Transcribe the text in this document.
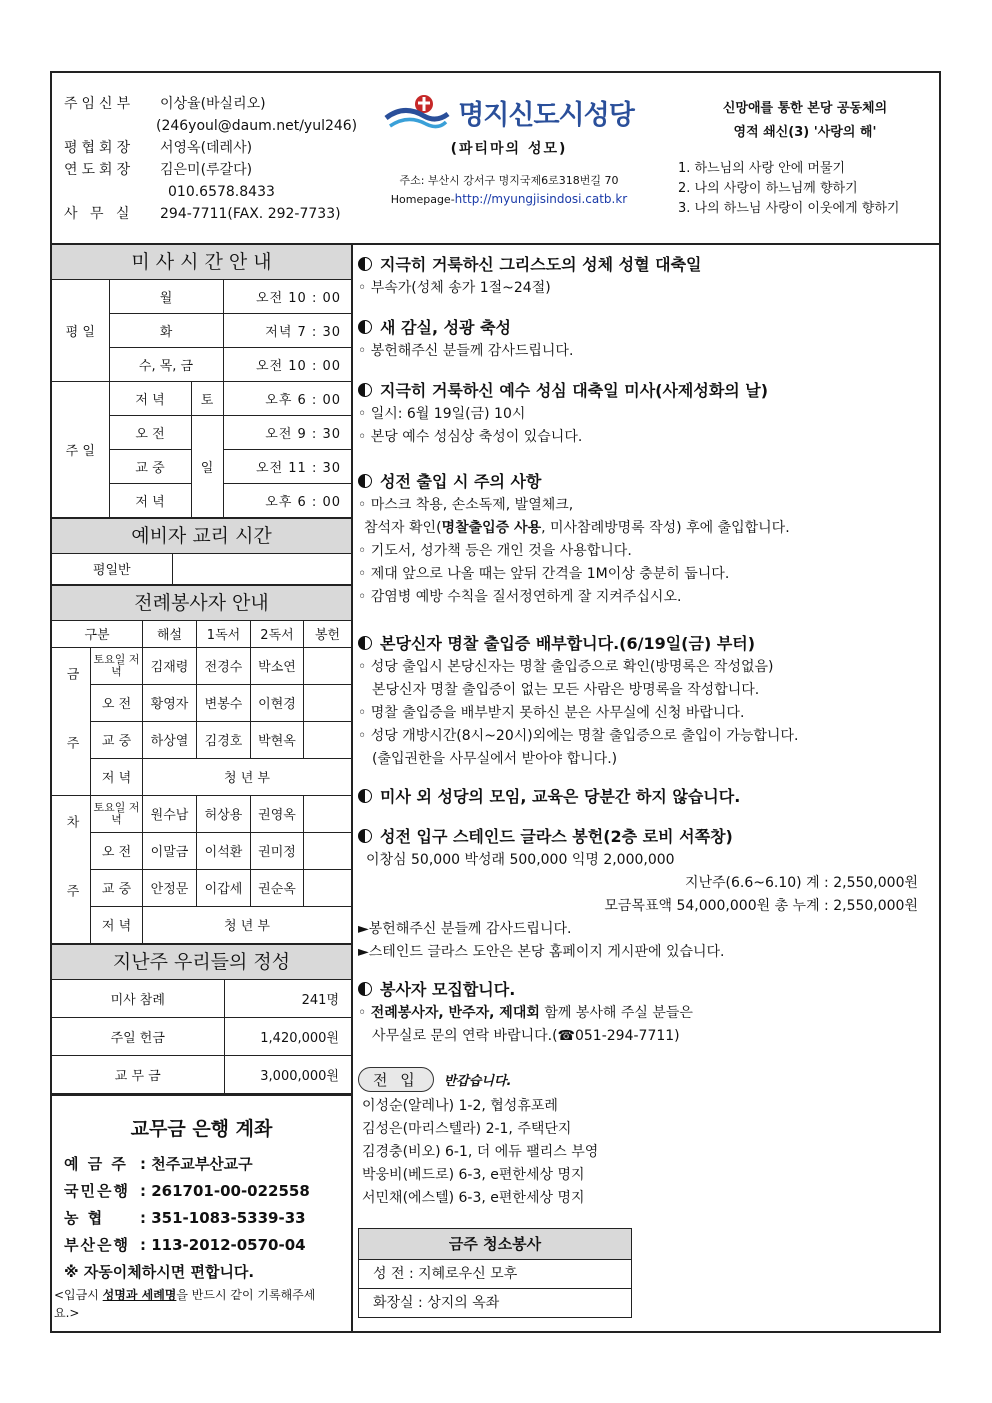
주임신부 이상율(바실리오)
(246youl@daum.net/yul246)
평협회장 서영옥(데레사)
연도회장 김은미(루갈다)
010.6578.8433
사 무 실 294-7711(FAX. 292-7733)
명지신도시성당
(파티마의 성모)
주소: 부산시 강서구 명지국제6로318번길 70
Homepage-http://myungjisindosi.catb.kr
신망애를 통한 본당 공동체의
영적 쇄신(3) '사랑의 해'
1. 하느님의 사랑 안에 머물기
2. 나의 사랑이 하느님께 향하기
3. 나의 하느님 사랑이 이웃에게 향하기
미 사 시 간 안 내
평 일	월		오전 10 : 00
	화		저녁 7 : 30
	수, 목, 금		오전 10 : 00
주 일	저 녁	토	오후 6 : 00
	오 전	일	오전 9 : 30
	교 중		오전 11 : 30
	저 녁		오후 6 : 00
예비자 교리 시간
평일반	
전례봉사자 안내
구분		해설	1독서	2독서	봉헌
금 주	토요일 저 녁	김재령	전경수	박소연	
	오 전	황영자	변봉수	이현경	
	교 중	하상열	김경호	박현옥	
	저 녁	청 년 부			
차 주	토요일 저 녁	원수남	허상용	권영옥	
	오 전	이말금	이석환	권미정	
	교 중	안정문	이갑세	권순옥	
	저 녁	청 년 부			
지난주 우리들의 정성
미사 참례	241명
주일 헌금	1,420,000원
교 무 금	3,000,000원
교무금 은행 계좌
예 금 주 : 천주교부산교구
국민은행 : 261701-00-022558
농 협 : 351-1083-5339-33
부산은행 : 113-2012-0570-04
※ 자동이체하시면 편합니다.
<입금시 성명과 세례명을 반드시 같이 기록해주세요.>
지극히 거룩하신 그리스도의 성체 성혈 대축일
◦ 부속가(성체 송가 1절~24절)
새 감실, 성광 축성
◦ 봉헌해주신 분들께 감사드립니다.
지극히 거룩하신 예수 성심 대축일 미사(사제성화의 날)
◦ 일시: 6월 19일(금) 10시
◦ 본당 예수 성심상 축성이 있습니다.
성전 출입 시 주의 사항
◦ 마스크 착용, 손소독제, 발열체크,
참석자 확인(명찰출입증 사용, 미사참례방명록 작성) 후에 출입합니다.
◦ 기도서, 성가책 등은 개인 것을 사용합니다.
◦ 제대 앞으로 나올 때는 앞뒤 간격을 1M이상 충분히 둡니다.
◦ 감염병 예방 수칙을 질서정연하게 잘 지켜주십시오.
본당신자 명찰 출입증 배부합니다.(6/19일(금) 부터)
◦ 성당 출입시 본당신자는 명찰 출입증으로 확인(방명록은 작성없음)
본당신자 명찰 출입증이 없는 모든 사람은 방명록을 작성합니다.
◦ 명찰 출입증을 배부받지 못하신 분은 사무실에 신청 바랍니다.
◦ 성당 개방시간(8시~20시)외에는 명찰 출입증으로 출입이 가능합니다.
(출입권한을 사무실에서 받아야 합니다.)
미사 외 성당의 모임, 교육은 당분간 하지 않습니다.
성전 입구 스테인드 글라스 봉헌(2층 로비 서쪽창)
이창심 50,000 박성래 500,000 익명 2,000,000
지난주(6.6~6.10) 계 : 2,550,000원
모금목표액 54,000,000원 총 누계 : 2,550,000원
►봉헌해주신 분들께 감사드립니다.
►스테인드 글라스 도안은 본당 홈페이지 게시판에 있습니다.
봉사자 모집합니다.
◦ 전례봉사자, 반주자, 제대회 함께 봉사해 주실 분들은
사무실로 문의 연락 바랍니다.(☎051-294-7711)
전 입	반갑습니다.
이성순(알레나) 1-2, 협성휴포레
김성은(마리스텔라) 2-1, 주택단지
김경충(비오) 6-1, 더 에듀 팰리스 부영
박웅비(베드로) 6-3, e편한세상 명지
서민채(에스텔) 6-3, e편한세상 명지
금주 청소봉사
성 전 : 지혜로우신 모후
화장실 : 상지의 옥좌
